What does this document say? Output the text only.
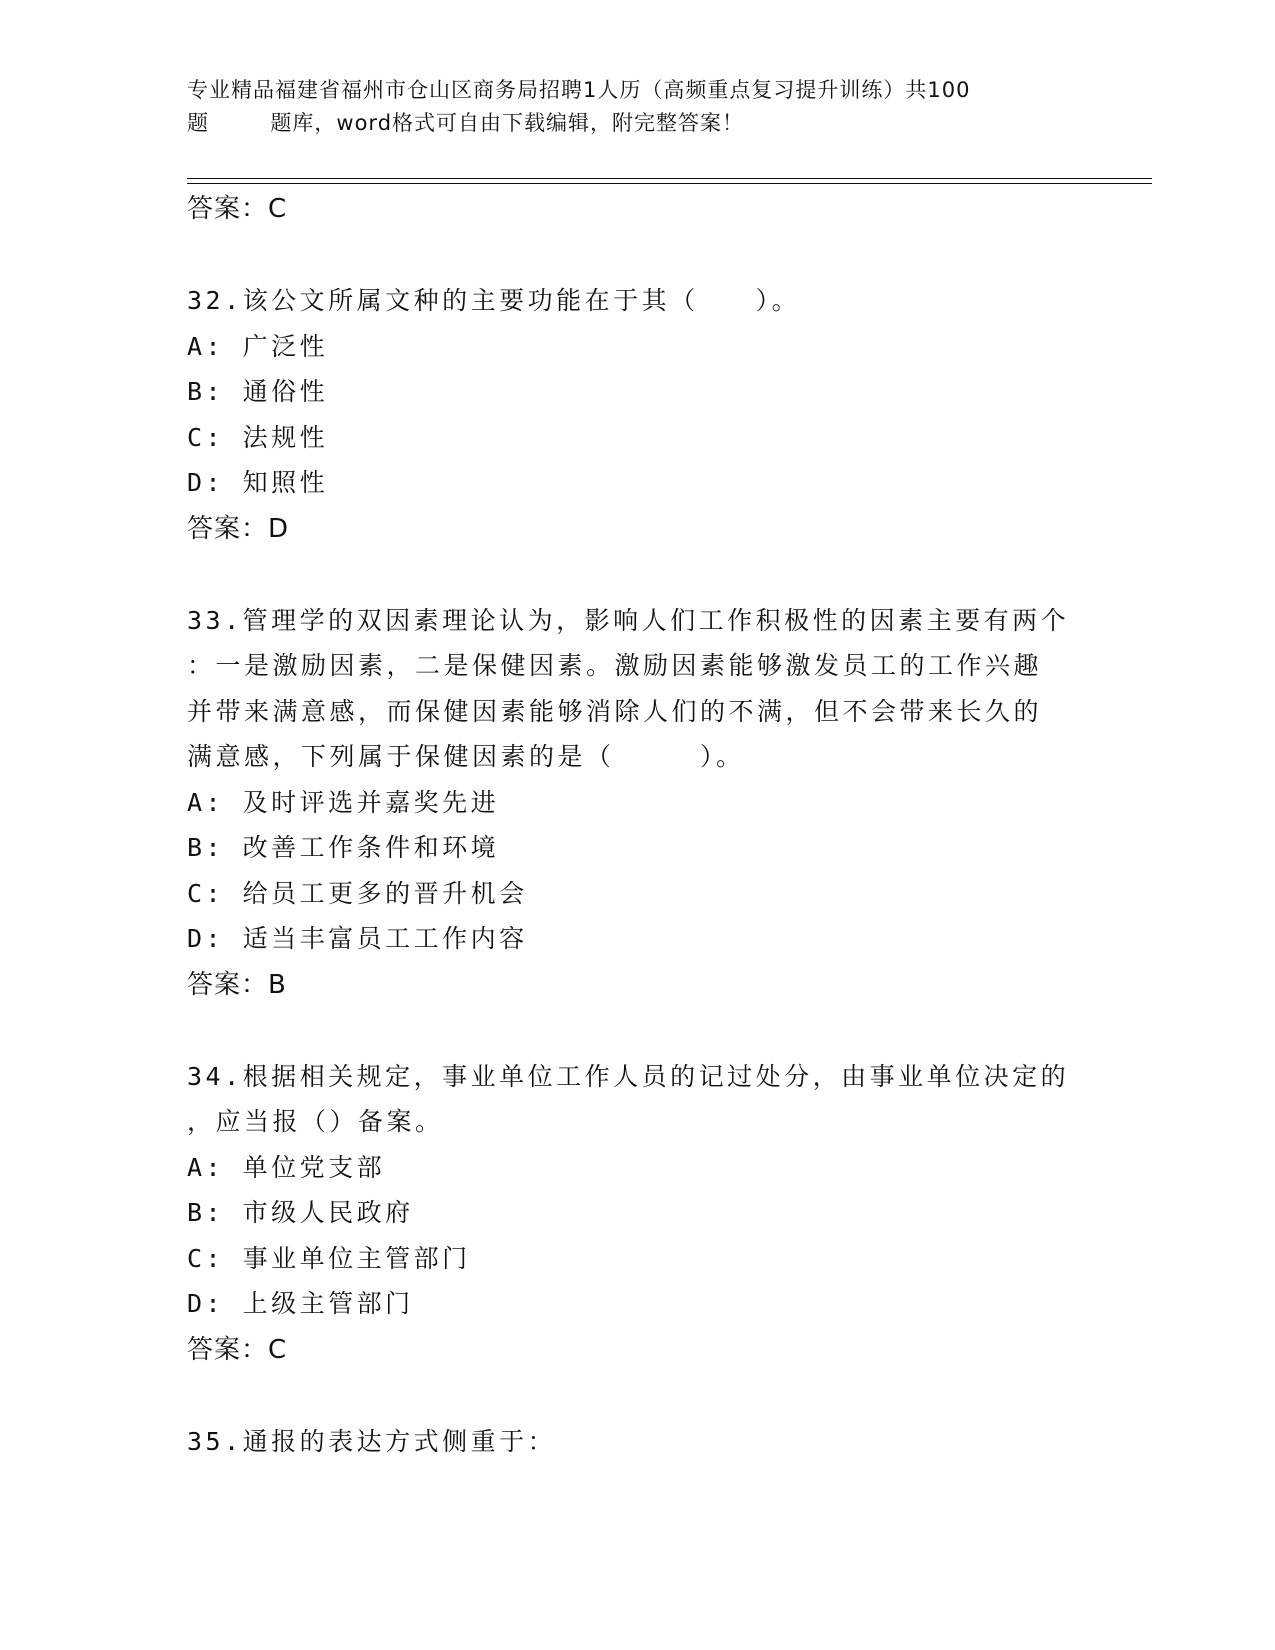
专业精品福建省福州市仓山区商务局招聘1人历（高频重点复习提升训练）共100
题        题库，word格式可自由下载编辑，附完整答案！
答案：C
32.该公文所属文种的主要功能在于其（　　）。
A: 广泛性
B: 通俗性
C: 法规性
D: 知照性
答案：D
33.管理学的双因素理论认为，影响人们工作积极性的因素主要有两个
：一是激励因素，二是保健因素。激励因素能够激发员工的工作兴趣
并带来满意感，而保健因素能够消除人们的不满，但不会带来长久的
满意感，下列属于保健因素的是（　　　）。
A: 及时评选并嘉奖先进
B: 改善工作条件和环境
C: 给员工更多的晋升机会
D: 适当丰富员工工作内容
答案：B
34.根据相关规定，事业单位工作人员的记过处分，由事业单位决定的
，应当报（）备案。
A: 单位党支部
B: 市级人民政府
C: 事业单位主管部门
D: 上级主管部门
答案：C
35.通报的表达方式侧重于：
